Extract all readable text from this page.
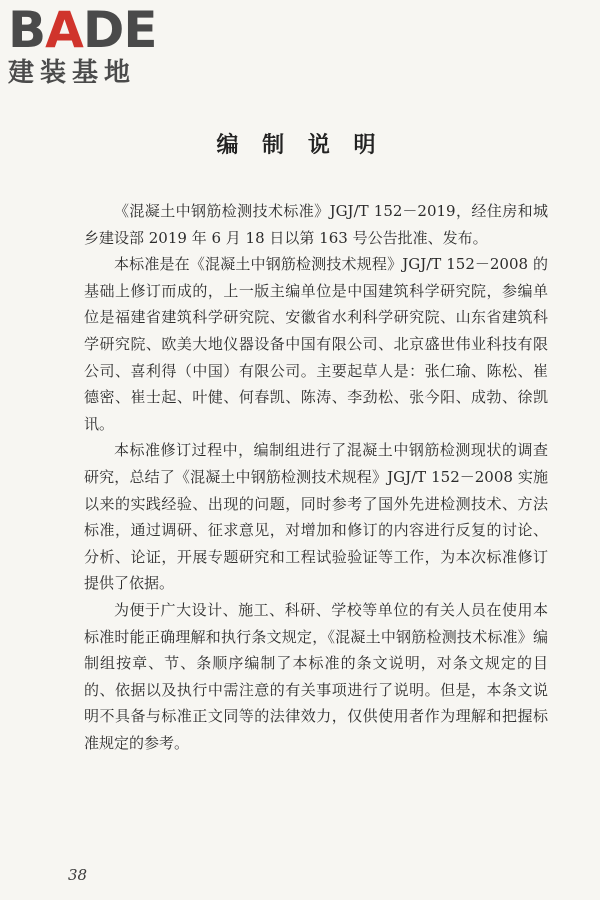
BADE
建装基地
编 制 说 明

《混凝土中钢筋检测技术标准》JGJ/T 152－2019，经住房和城乡建设部 2019 年 6 月 18 日以第 163 号公告批准、发布。

本标准是在《混凝土中钢筋检测技术规程》JGJ/T 152－2008 的基础上修订而成的，上一版主编单位是中国建筑科学研究院，参编单位是福建省建筑科学研究院、安徽省水利科学研究院、山东省建筑科学研究院、欧美大地仪器设备中国有限公司、北京盛世伟业科技有限公司、喜利得（中国）有限公司。主要起草人是：张仁瑜、陈松、崔德密、崔士起、叶健、何春凯、陈涛、李劲松、张今阳、成勃、徐凯讯。

本标准修订过程中，编制组进行了混凝土中钢筋检测现状的调查研究，总结了《混凝土中钢筋检测技术规程》JGJ/T 152－2008 实施以来的实践经验、出现的问题，同时参考了国外先进检测技术、方法标准，通过调研、征求意见，对增加和修订的内容进行反复的讨论、分析、论证，开展专题研究和工程试验验证等工作，为本次标准修订提供了依据。

为便于广大设计、施工、科研、学校等单位的有关人员在使用本标准时能正确理解和执行条文规定，《混凝土中钢筋检测技术标准》编制组按章、节、条顺序编制了本标准的条文说明，对条文规定的目的、依据以及执行中需注意的有关事项进行了说明。但是，本条文说明不具备与标准正文同等的法律效力，仅供使用者作为理解和把握标准规定的参考。

38
